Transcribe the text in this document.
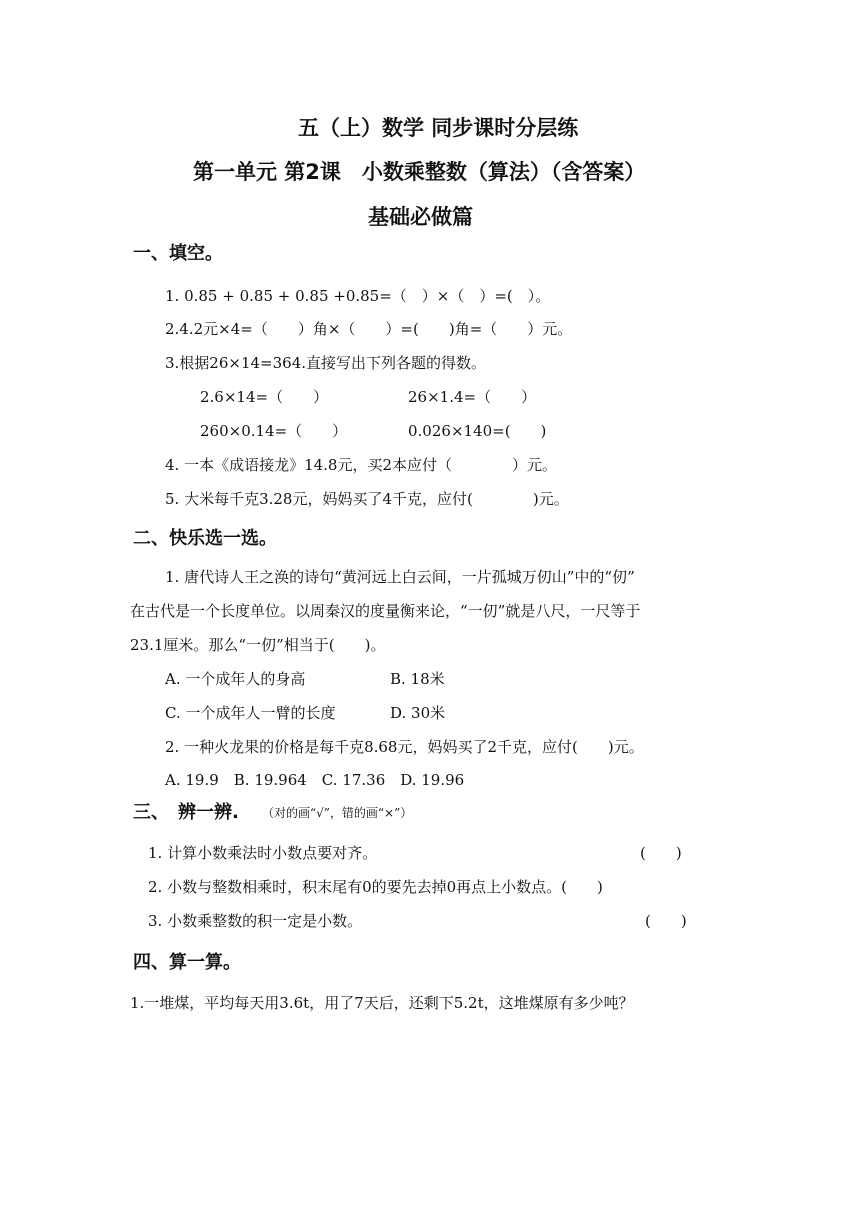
五（上）数学 同步课时分层练
第一单元 第2课　小数乘整数（算法）（含答案）
基础必做篇
一、填空。
1. 0.85 + 0.85 + 0.85 +0.85=（　）×（　）=(　）。
2.4.2元×4=（　　）角×（　　）=(　　)角=（　　）元。
3.根据26×14=364.直接写出下列各题的得数。
2.6×14=（　　）	26×1.4=（　　）
260×0.14=（　　）	0.026×140=(　　)
4. 一本《成语接龙》14.8元，买2本应付（　　　　）元。
5. 大米每千克3.28元，妈妈买了4千克，应付(　　　　)元。
二、快乐选一选。
1. 唐代诗人王之涣的诗句“黄河远上白云间，一片孤城万仞山”中的“仞”
在古代是一个长度单位。以周秦汉的度量衡来论，“一仞”就是八尺，一尺等于
23.1厘米。那么“一仞”相当于(　　)。
A. 一个成年人的身高	B. 18米
C. 一个成年人一臂的长度	D. 30米
2. 一种火龙果的价格是每千克8.68元，妈妈买了2千克，应付(　　)元。
A. 19.9　B. 19.964　C. 17.36　D. 19.96
三、　辨一辨. （对的画“√”，错的画“×”）
1. 计算小数乘法时小数点要对齐。	(　　)
2. 小数与整数相乘时，积末尾有0的要先去掉0再点上小数点。(　　)
3. 小数乘整数的积一定是小数。	(　　)
四、算一算。
1.一堆煤，平均每天用3.6t，用了7天后，还剩下5.2t，这堆煤原有多少吨？
